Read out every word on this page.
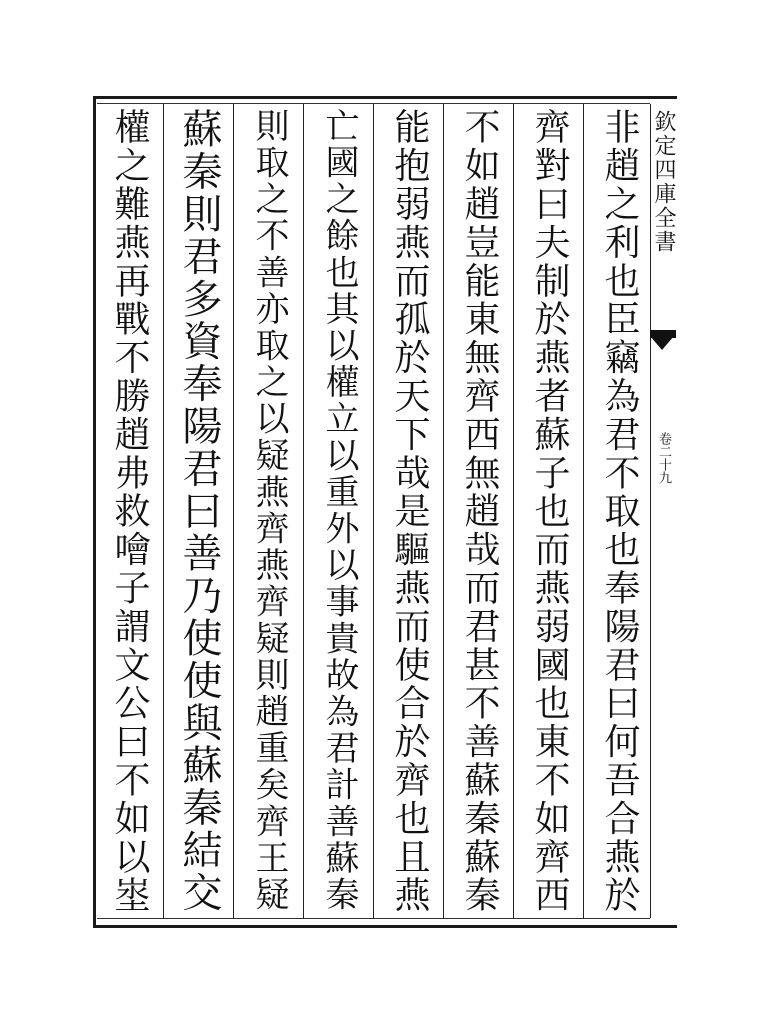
欽定四庫全書
卷二十九
非趙之利也臣竊為君不取也奉陽君曰何吾合燕於
齊對曰夫制於燕者蘇子也而燕弱國也東不如齊西
不如趙豈能東無齊西無趙哉而君甚不善蘇秦蘇秦
能抱弱燕而孤於天下哉是驅燕而使合於齊也且燕
亡國之餘也其以權立以重外以事貴故為君計善蘇秦
則取之不善亦取之以疑燕齊燕齊疑則趙重矣齊王疑
蘇秦則君多資奉陽君曰善乃使使與蘇秦結交
權之難燕再戰不勝趙弗救噲子謂文公曰不如以埊
